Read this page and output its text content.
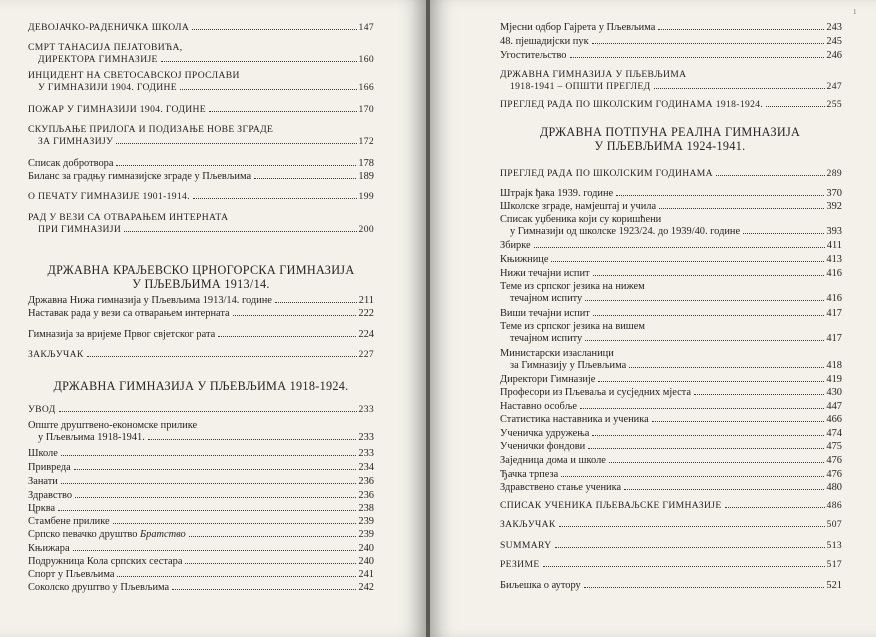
ДЕВОЈАЧКО-РАДЕНИЧКА ШКОЛА	147
СМРТ ТАНАСИЈА ПЕЈАТОВИЋА,
ДИРЕКТОРА ГИМНАЗИЈЕ	160
ИНЦИДЕНТ НА СВЕТОСАВСКОЈ ПРОСЛАВИ
У ГИМНАЗИЈИ 1904. ГОДИНЕ	166
ПОЖАР У ГИМНАЗИЈИ 1904. ГОДИНЕ	170
СКУПЉАЊЕ ПРИЛОГА И ПОДИЗАЊЕ НОВЕ ЗГРАДЕ
ЗА ГИМНАЗИЈУ	172
Списак добротвора	178
Биланс за градњу гимназијске зграде у Пљевљима	189
О ПЕЧАТУ ГИМНАЗИЈЕ 1901-1914.	199
РАД У ВЕЗИ СА ОТВАРАЊЕМ ИНТЕРНАТА
ПРИ ГИМНАЗИЈИ	200
Државна Нижа гимназија у Пљевљима 1913/14. године	211
Наставак рада у вези са отварањем интерната	222
Гимназија за вријеме Првог свјетског рата	224
ЗАКЉУЧАК	227
УВОД	233
Опште друштвено-економске прилике
у Пљевљима 1918-1941.	233
Школе	233
Привреда	234
Занати	236
Здравство	236
Црква	238
Стамбене прилике	239
Српско певачко друштво Братство	239
Књижара	240
Подружница Кола српских сестара	240
Спорт у Пљевљима	241
Соколско друштво у Пљевљима	242
ДРЖАВНА КРАЉЕВСКО ЦРНОГОРСКА ГИМНАЗИЈА
У ПЉЕВЉИМА 1913/14.
ДРЖАВНА ГИМНАЗИЈА У ПЉЕВЉИМА 1918-1924.
Мјесни одбор Гајрета у Пљевљима	243
48. пјешадијски пук	245
Угоститељство	246
ДРЖАВНА ГИМНАЗИЈА У ПЉЕВЉИМА
1918-1941 – ОПШТИ ПРЕГЛЕД	247
ПРЕГЛЕД РАДА ПО ШКОЛСКИМ ГОДИНАМА 1918-1924.	255
ПРЕГЛЕД РАДА ПО ШКОЛСКИМ ГОДИНАМА	289
Штрајк ђака 1939. године	370
Школске зграде, намјештај и учила	392
Списак уџбеника који су коришћени
у Гимназији од школске 1923/24. до 1939/40. године	393
Збирке	411
Књижнице	413
Нижи течајни испит	416
Теме из српског језика на нижем
течајном испиту	416
Виши течајни испит	417
Теме из српског језика на вишем
течајном испиту	417
Министарски изасланици
за Гимназију у Пљевљима	418
Директори Гимназије	419
Професори из Пљеваља и сусједних мјеста	430
Наставно особље	447
Статистика наставника и ученика	466
Ученичка удружења	474
Ученички фондови	475
Заједница дома и школе	476
Ђачка трпеза	476
Здравствено стање ученика	480
СПИСАК УЧЕНИКА ПЉЕВАЉСКЕ ГИМНАЗИЈЕ	486
ЗАКЉУЧАК	507
SUMMARY	513
РЕЗИМЕ	517
Биљешка о аутору	521
ДРЖАВНА ПОТПУНА РЕАЛНА ГИМНАЗИЈА
У ПЉЕВЉИМА 1924-1941.
1
